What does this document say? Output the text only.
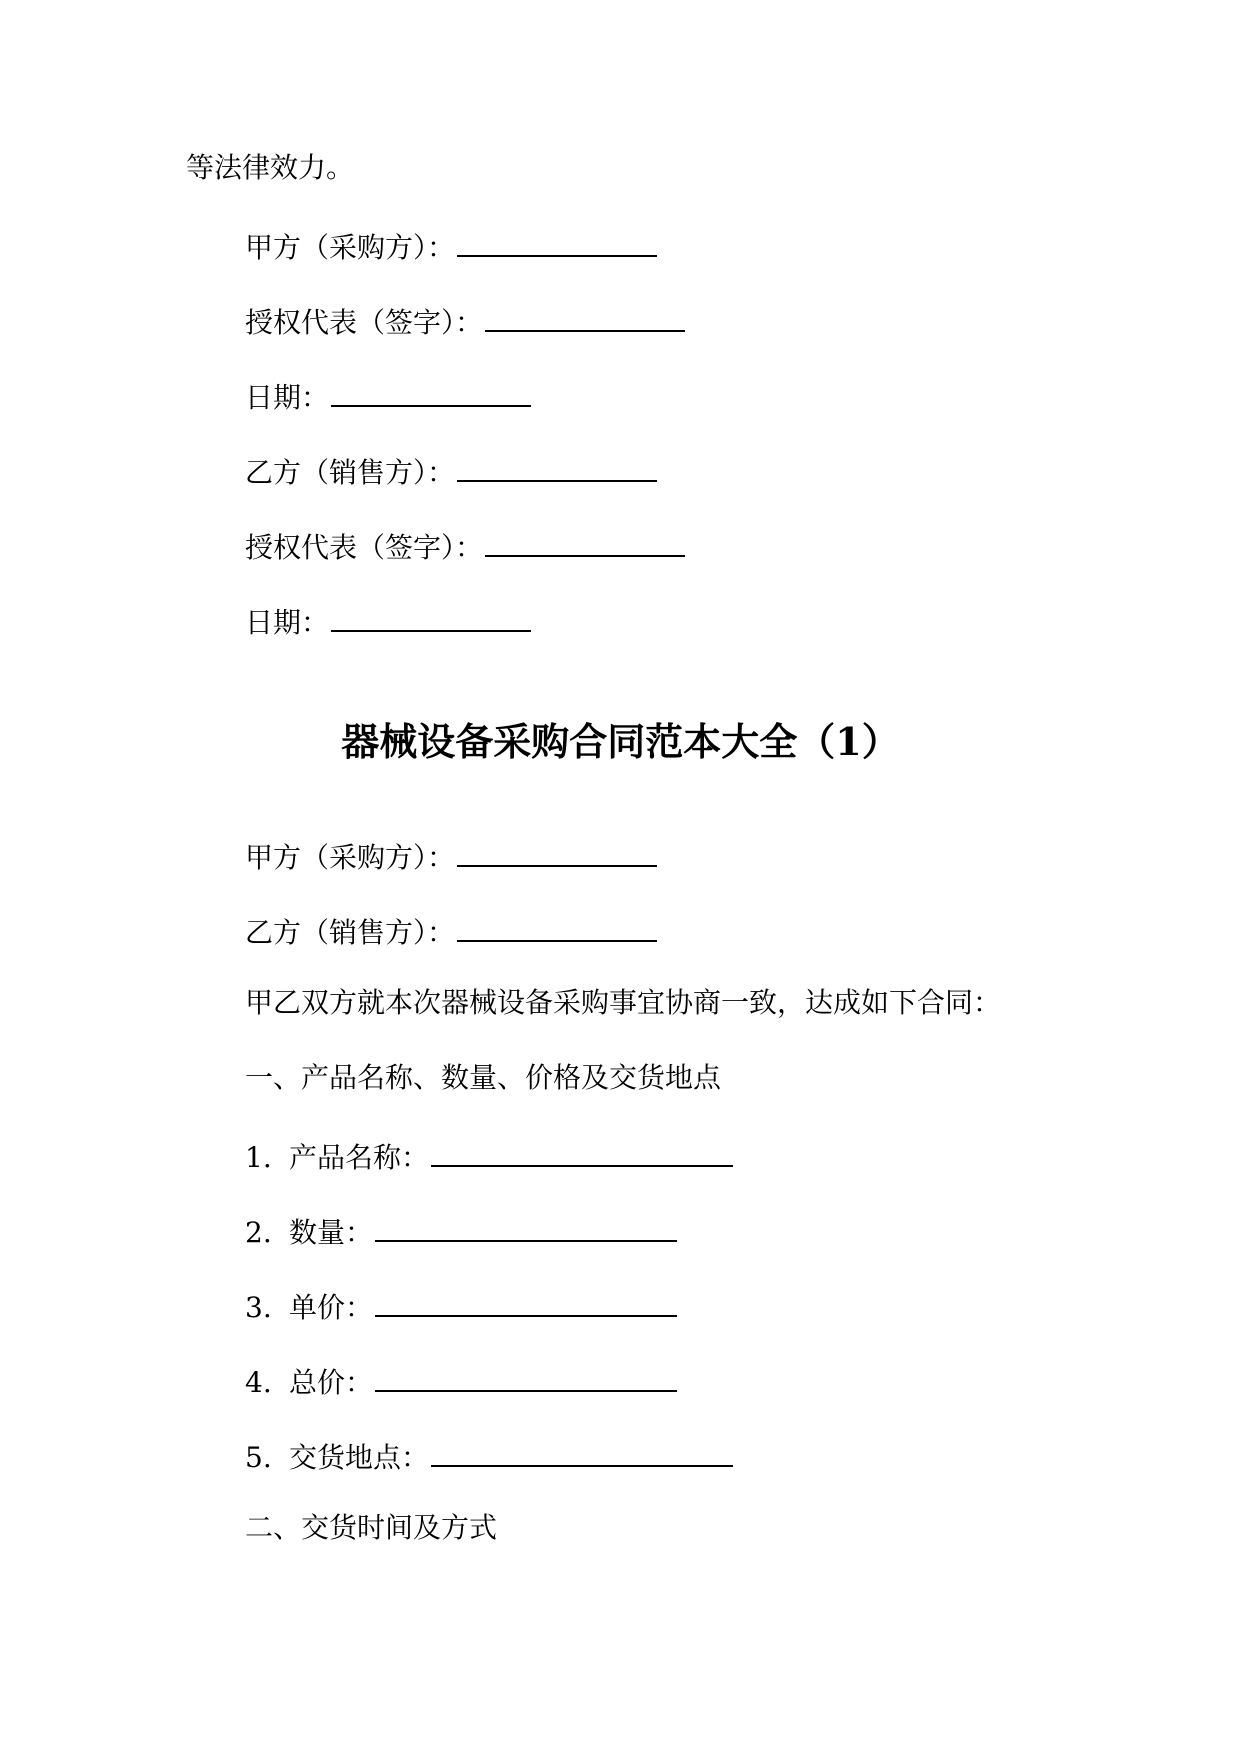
等法律效力。
甲方（采购方）：
授权代表（签字）：
日期：
乙方（销售方）：
授权代表（签字）：
日期：
器械设备采购合同范本大全（1）
甲方（采购方）：
乙方（销售方）：
甲乙双方就本次器械设备采购事宜协商一致，达成如下合同：
一、产品名称、数量、价格及交货地点
1. 产品名称：
2. 数量：
3. 单价：
4. 总价：
5. 交货地点：
二、交货时间及方式
